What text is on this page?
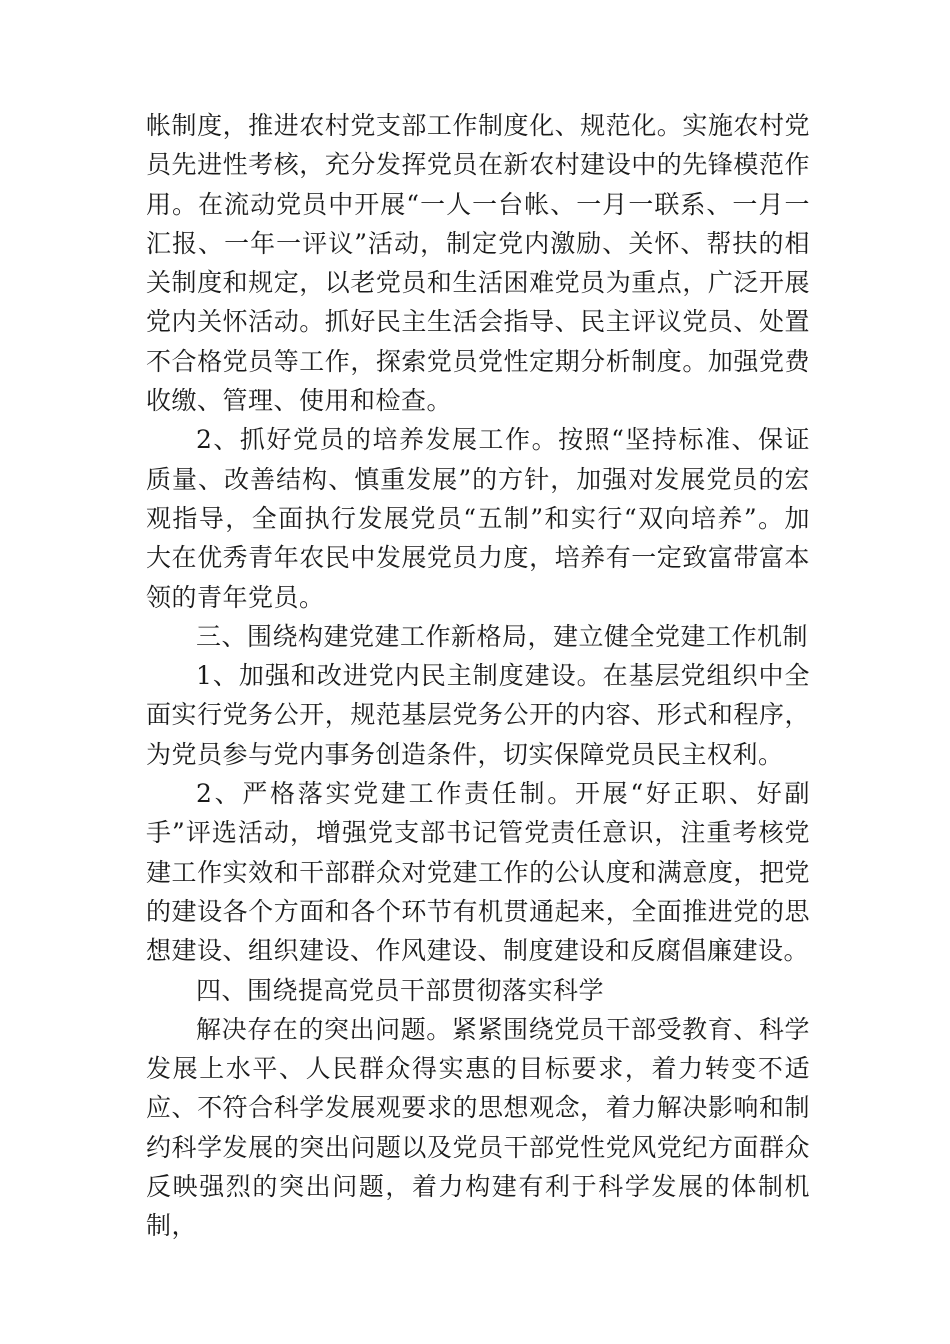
帐制度，推进农村党支部工作制度化、规范化。实施农村党员先进性考核，充分发挥党员在新农村建设中的先锋模范作用。在流动党员中开展“一人一台帐、一月一联系、一月一汇报、一年一评议”活动，制定党内激励、关怀、帮扶的相关制度和规定，以老党员和生活困难党员为重点，广泛开展党内关怀活动。抓好民主生活会指导、民主评议党员、处置不合格党员等工作，探索党员党性定期分析制度。加强党费收缴、管理、使用和检查。

2、抓好党员的培养发展工作。按照“坚持标准、保证质量、改善结构、慎重发展”的方针，加强对发展党员的宏观指导，全面执行发展党员“五制”和实行“双向培养”。加大在优秀青年农民中发展党员力度，培养有一定致富带富本领的青年党员。

三、围绕构建党建工作新格局，建立健全党建工作机制

1、加强和改进党内民主制度建设。在基层党组织中全面实行党务公开，规范基层党务公开的内容、形式和程序，为党员参与党内事务创造条件，切实保障党员民主权利。

2、严格落实党建工作责任制。开展“好正职、好副手”评选活动，增强党支部书记管党责任意识，注重考核党建工作实效和干部群众对党建工作的公认度和满意度，把党的建设各个方面和各个环节有机贯通起来，全面推进党的思想建设、组织建设、作风建设、制度建设和反腐倡廉建设。

四、围绕提高党员干部贯彻落实科学

解决存在的突出问题。紧紧围绕党员干部受教育、科学发展上水平、人民群众得实惠的目标要求，着力转变不适应、不符合科学发展观要求的思想观念，着力解决影响和制约科学发展的突出问题以及党员干部党性党风党纪方面群众反映强烈的突出问题，着力构建有利于科学发展的体制机制，
